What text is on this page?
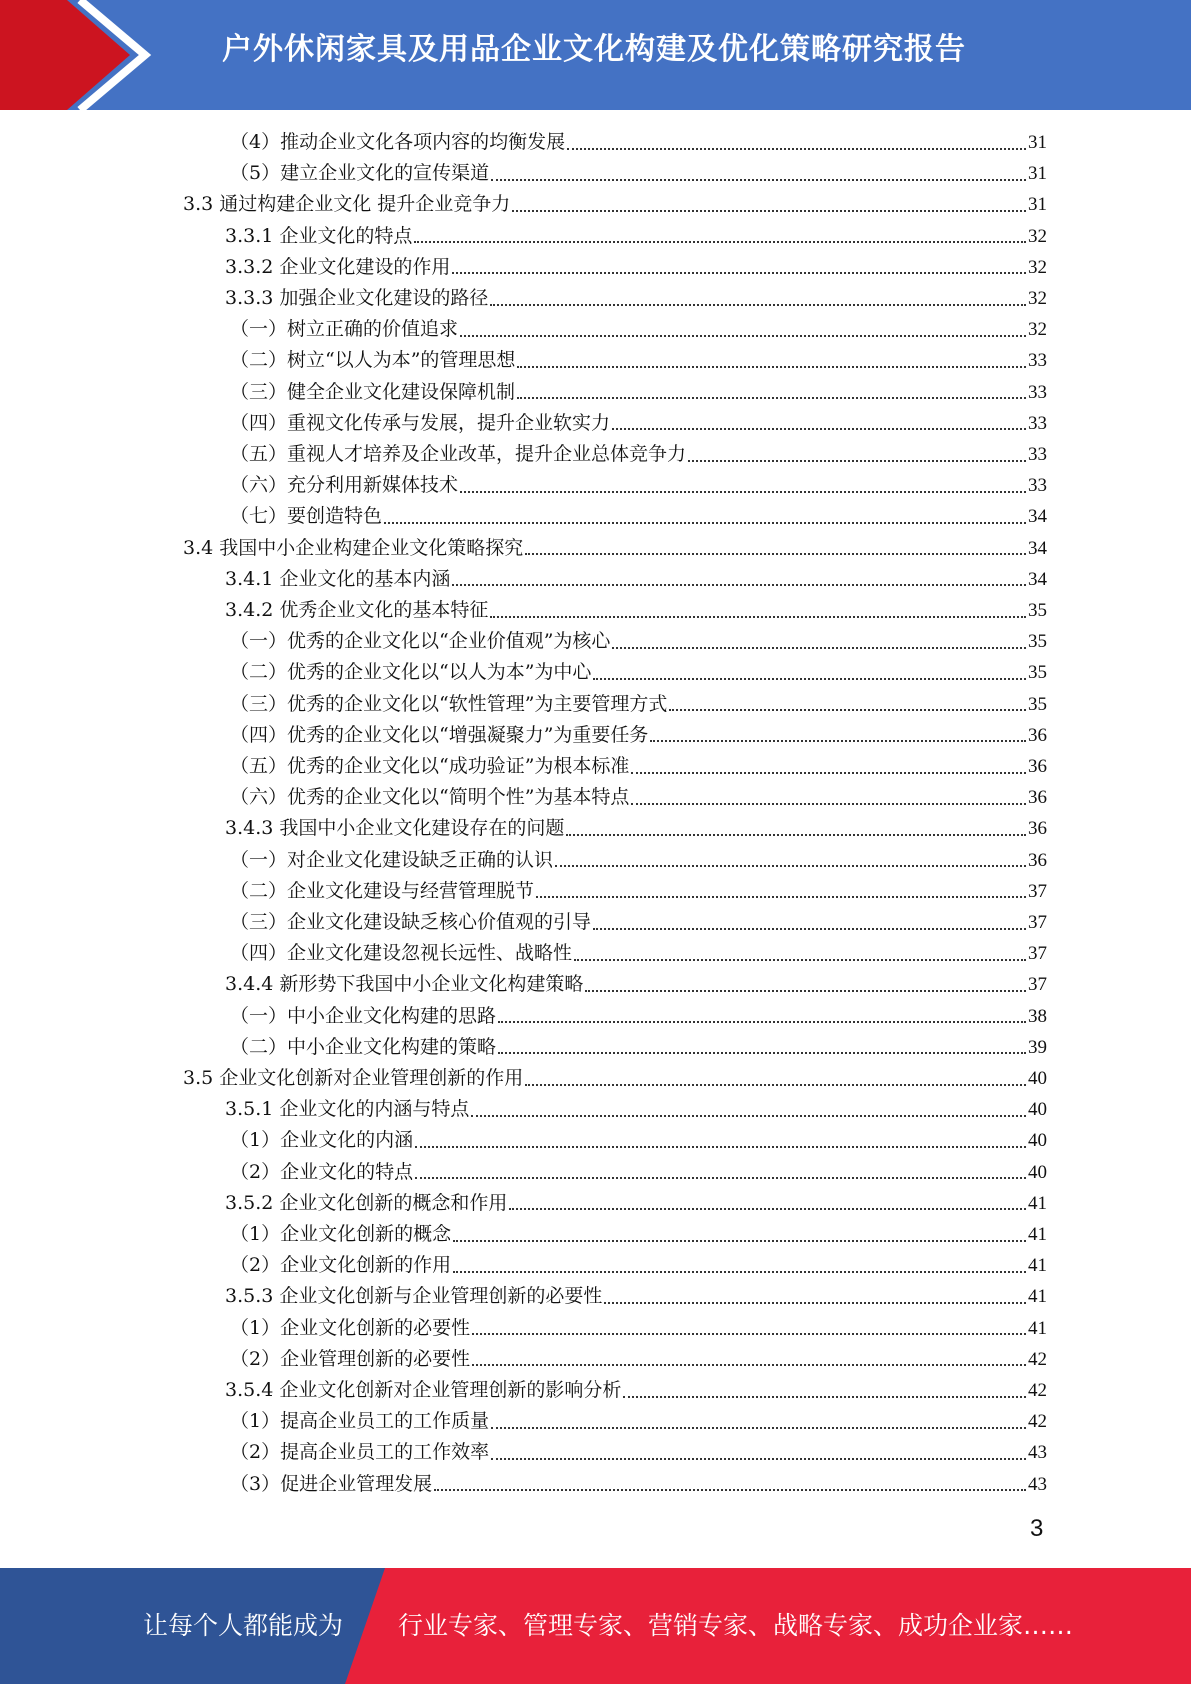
户外休闲家具及用品企业文化构建及优化策略研究报告
（4）推动企业文化各项内容的均衡发展	31
（5）建立企业文化的宣传渠道	31
3.3 通过构建企业文化 提升企业竞争力	31
3.3.1 企业文化的特点	32
3.3.2 企业文化建设的作用	32
3.3.3 加强企业文化建设的路径	32
（一）树立正确的价值追求	32
（二）树立“以人为本”的管理思想	33
（三）健全企业文化建设保障机制	33
（四）重视文化传承与发展，提升企业软实力	33
（五）重视人才培养及企业改革，提升企业总体竞争力	33
（六）充分利用新媒体技术	33
（七）要创造特色	34
3.4 我国中小企业构建企业文化策略探究	34
3.4.1 企业文化的基本内涵	34
3.4.2 优秀企业文化的基本特征	35
（一）优秀的企业文化以“企业价值观”为核心	35
（二）优秀的企业文化以“以人为本”为中心	35
（三）优秀的企业文化以“软性管理”为主要管理方式	35
（四）优秀的企业文化以“增强凝聚力”为重要任务	36
（五）优秀的企业文化以“成功验证”为根本标准	36
（六）优秀的企业文化以“简明个性”为基本特点	36
3.4.3 我国中小企业文化建设存在的问题	36
（一）对企业文化建设缺乏正确的认识	36
（二）企业文化建设与经营管理脱节	37
（三）企业文化建设缺乏核心价值观的引导	37
（四）企业文化建设忽视长远性、战略性	37
3.4.4 新形势下我国中小企业文化构建策略	37
（一）中小企业文化构建的思路	38
（二）中小企业文化构建的策略	39
3.5 企业文化创新对企业管理创新的作用	40
3.5.1 企业文化的内涵与特点	40
（1）企业文化的内涵	40
（2）企业文化的特点	40
3.5.2 企业文化创新的概念和作用	41
（1）企业文化创新的概念	41
（2）企业文化创新的作用	41
3.5.3 企业文化创新与企业管理创新的必要性	41
（1）企业文化创新的必要性	41
（2）企业管理创新的必要性	42
3.5.4 企业文化创新对企业管理创新的影响分析	42
（1）提高企业员工的工作质量	42
（2）提高企业员工的工作效率	43
（3）促进企业管理发展	43
3
让每个人都能成为 行业专家、管理专家、营销专家、战略专家、成功企业家……
